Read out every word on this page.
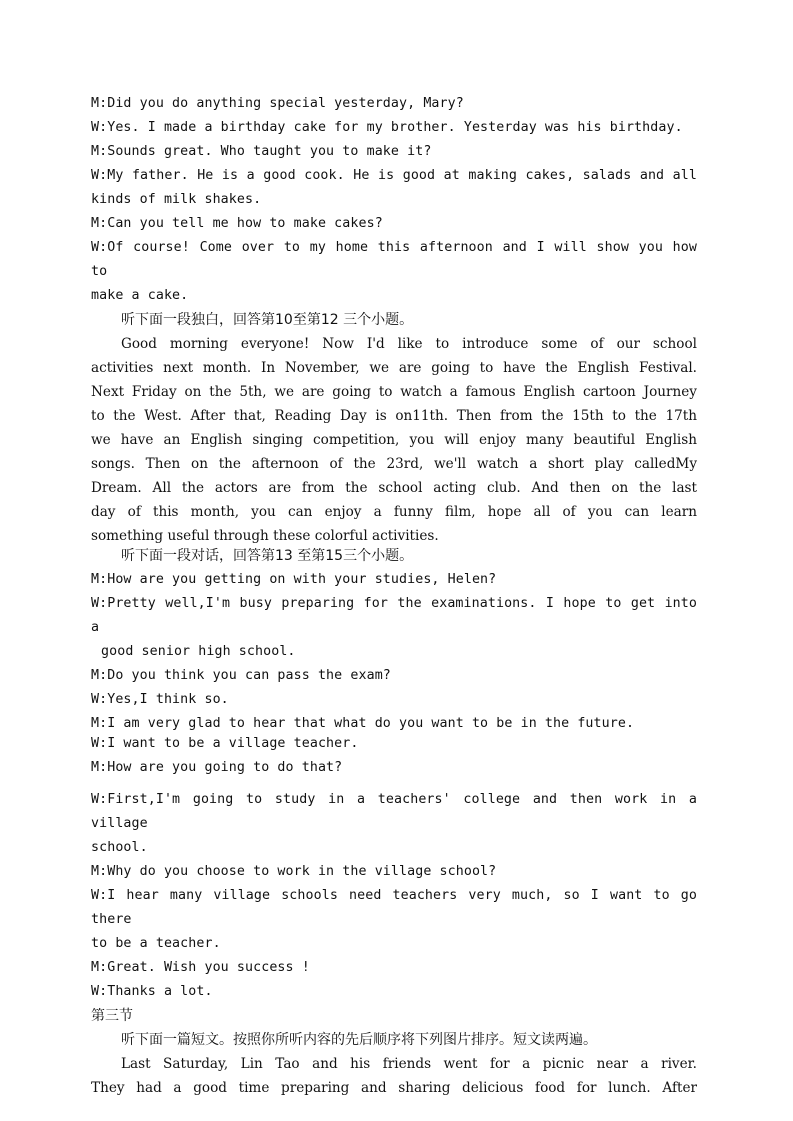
M:Did you do anything special yesterday, Mary?

W:Yes. I made a birthday cake for my brother. Yesterday was his birthday.

M:Sounds great. Who taught you to make it?

W:My father. He is a good cook. He is good at making cakes, salads and all

kinds of milk shakes.

M:Can you tell me how to make cakes?

W:Of course! Come over to my home this afternoon and I will show you how to

make a cake.

听下面一段独白，回答第10至第12 三个小题。

Good morning everyone! Now I'd like to introduce some of our school

activities next month. In November, we are going to have the English Festival.

Next Friday on the 5th, we are going to watch a famous English cartoon Journey

to the West. After that, Reading Day is on11th. Then from the 15th to the 17th

we have an English singing competition, you will enjoy many beautiful English

songs. Then on the afternoon of the 23rd, we'll watch a short play calledMy

Dream. All the actors are from the school acting club. And then on the last

day of this month, you can enjoy a funny film, hope all of you can learn

something useful through these colorful activities.

听下面一段对话，回答第13 至第15三个小题。

M:How are you getting on with your studies, Helen?

W:Pretty well,I'm busy preparing for the examinations. I hope to get into a

good senior high school.

M:Do you think you can pass the exam?

W:Yes,I think so.

M:I am very glad to hear that what do you want to be in the future.

W:I want to be a village teacher.

M:How are you going to do that?

W:First,I'm going to study in a teachers' college and then work in a village

school.

M:Why do you choose to work in the village school?

W:I hear many village schools need teachers very much, so I want to go there

to be a teacher.

M:Great. Wish you success !

W:Thanks a lot.

第三节

听下面一篇短文。按照你所听内容的先后顺序将下列图片排序。短文读两遍。

Last Saturday, Lin Tao and his friends went for a picnic near a river.

They had a good time preparing and sharing delicious food for lunch. After
